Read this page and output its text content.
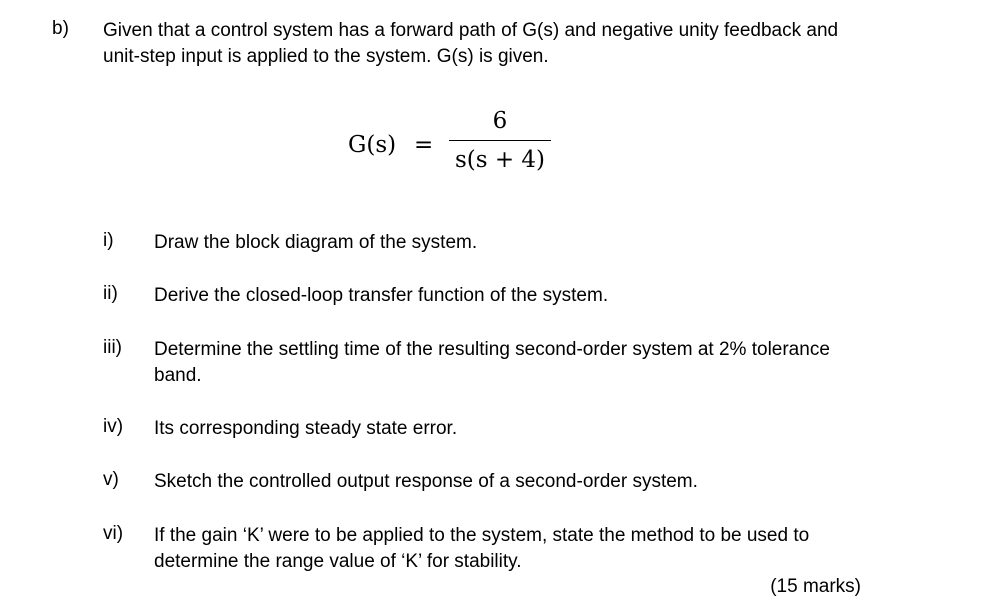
b) Given that a control system has a forward path of G(s) and negative unity feedback and
unit-step input is applied to the system. G(s) is given.
G(s) =
6
s(s + 4)
i) Draw the block diagram of the system.
ii) Derive the closed-loop transfer function of the system.
iii) Determine the settling time of the resulting second-order system at 2% tolerance
band.
iv) Its corresponding steady state error.
v) Sketch the controlled output response of a second-order system.
vi) If the gain ‘K’ were to be applied to the system, state the method to be used to
determine the range value of ‘K’ for stability.
(15 marks)
